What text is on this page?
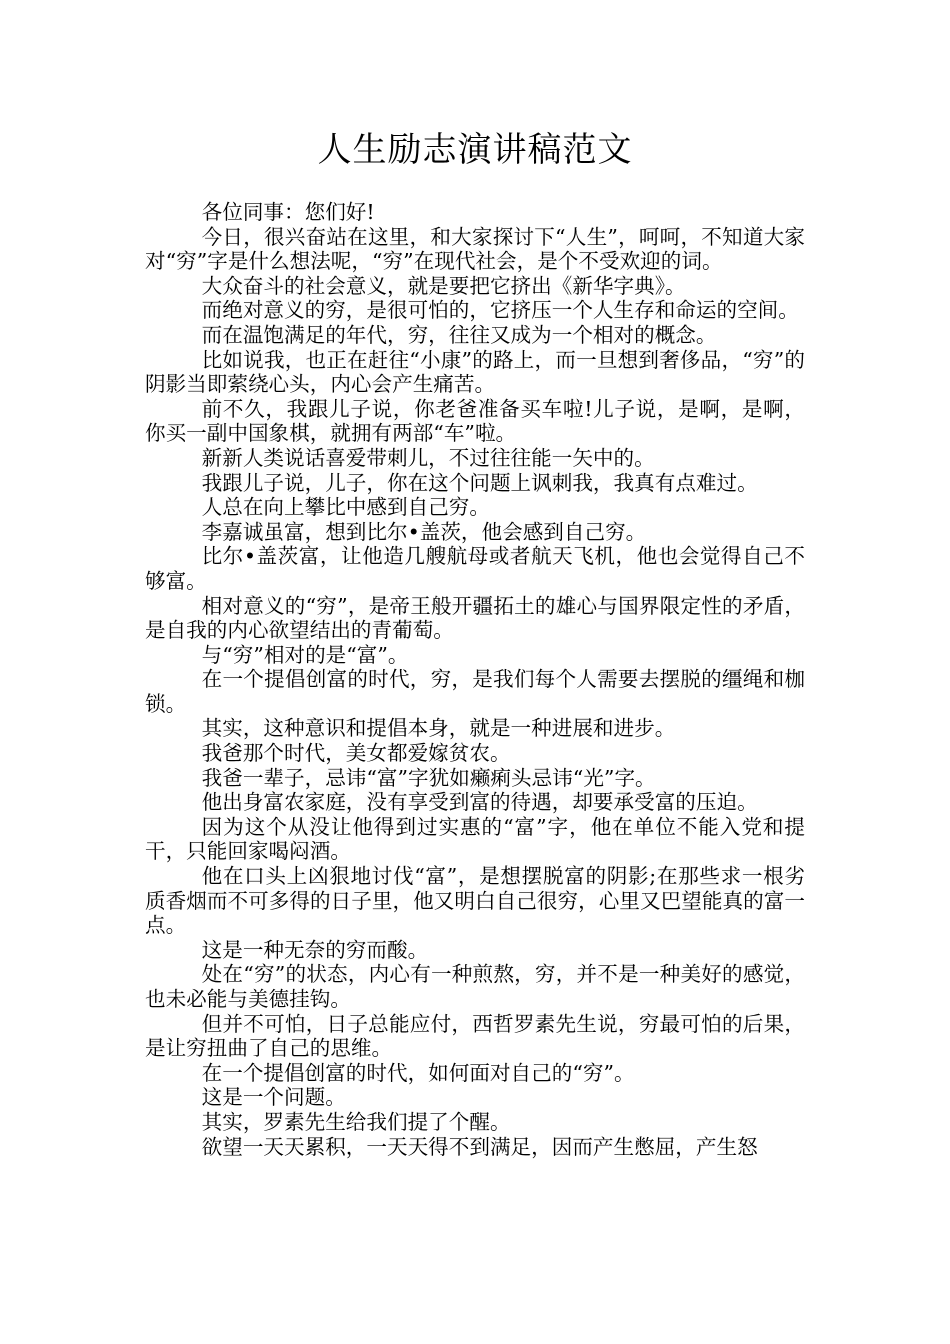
人生励志演讲稿范文

各位同事：您们好!

今日，很兴奋站在这里，和大家探讨下“人生”，呵呵，不知道大家对“穷”字是什么想法呢，“穷”在现代社会，是个不受欢迎的词。

大众奋斗的社会意义，就是要把它挤出《新华字典》。

而绝对意义的穷，是很可怕的，它挤压一个人生存和命运的空间。

而在温饱满足的年代，穷，往往又成为一个相对的概念。

比如说我，也正在赶往“小康”的路上，而一旦想到奢侈品，“穷”的阴影当即萦绕心头，内心会产生痛苦。

前不久，我跟儿子说，你老爸准备买车啦!儿子说，是啊，是啊，你买一副中国象棋，就拥有两部“车”啦。

新新人类说话喜爱带刺儿，不过往往能一矢中的。

我跟儿子说，儿子，你在这个问题上讽刺我，我真有点难过。

人总在向上攀比中感到自己穷。

李嘉诚虽富，想到比尔•盖茨，他会感到自己穷。

比尔•盖茨富，让他造几艘航母或者航天飞机，他也会觉得自己不够富。

相对意义的“穷”，是帝王般开疆拓土的雄心与国界限定性的矛盾，是自我的内心欲望结出的青葡萄。

与“穷”相对的是“富”。

在一个提倡创富的时代，穷，是我们每个人需要去摆脱的缰绳和枷锁。

其实，这种意识和提倡本身，就是一种进展和进步。

我爸那个时代，美女都爱嫁贫农。

我爸一辈子，忌讳“富”字犹如癞痢头忌讳“光”字。

他出身富农家庭，没有享受到富的待遇，却要承受富的压迫。

因为这个从没让他得到过实惠的“富”字，他在单位不能入党和提干，只能回家喝闷酒。

他在口头上凶狠地讨伐“富”，是想摆脱富的阴影;在那些求一根劣质香烟而不可多得的日子里，他又明白自己很穷，心里又巴望能真的富一点。

这是一种无奈的穷而酸。

处在“穷”的状态，内心有一种煎熬，穷，并不是一种美好的感觉，也未必能与美德挂钩。

但并不可怕，日子总能应付，西哲罗素先生说，穷最可怕的后果，是让穷扭曲了自己的思维。

在一个提倡创富的时代，如何面对自己的“穷”。

这是一个问题。

其实，罗素先生给我们提了个醒。

欲望一天天累积，一天天得不到满足，因而产生憋屈，产生怒
